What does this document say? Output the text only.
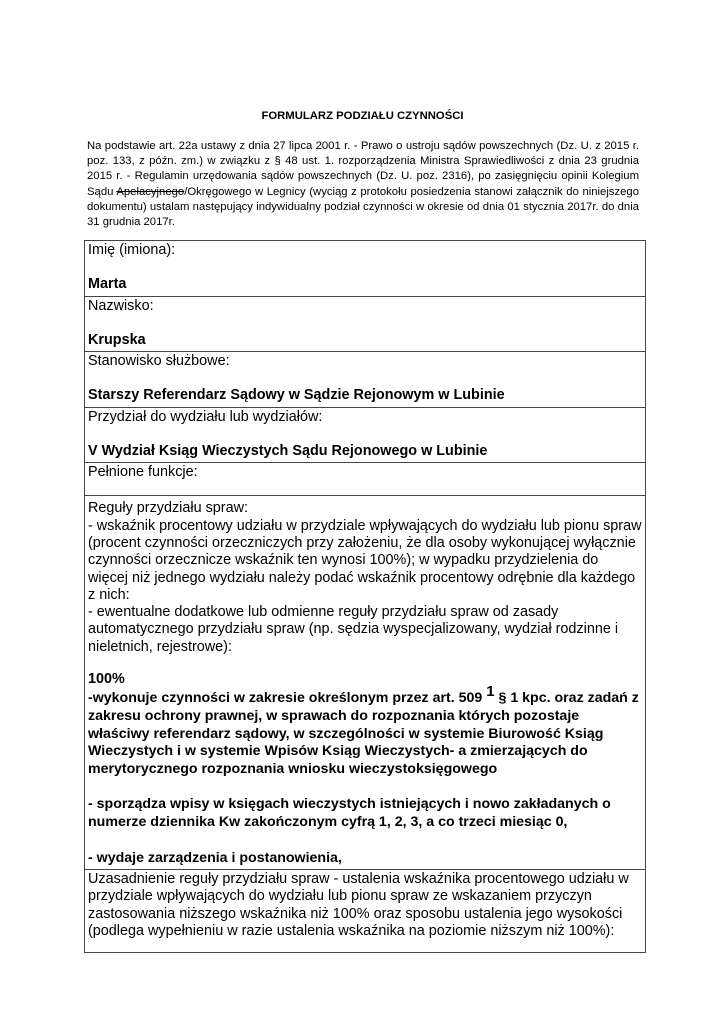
FORMULARZ PODZIAŁU CZYNNOŚCI
Na podstawie art. 22a ustawy z dnia 27 lipca 2001 r. - Prawo o ustroju sądów powszechnych (Dz. U. z 2015 r. poz. 133, z późn. zm.) w związku z § 48 ust. 1. rozporządzenia Ministra Sprawiedliwości z dnia 23 grudnia 2015 r. - Regulamin urzędowania sądów powszechnych (Dz. U. poz. 2316), po zasięgnięciu opinii Kolegium Sądu Apelacyjnego/Okręgowego w Legnicy (wyciąg z protokołu posiedzenia stanowi załącznik do niniejszego dokumentu) ustalam następujący indywidualny podział czynności w okresie od dnia 01 stycznia 2017r. do dnia 31 grudnia 2017r.
Imię (imiona):
Marta
Nazwisko:
Krupska
Stanowisko służbowe:
Starszy Referendarz Sądowy w Sądzie Rejonowym w Lubinie
Przydział do wydziału lub wydziałów:
V Wydział Ksiąg Wieczystych Sądu Rejonowego w Lubinie
Pełnione funkcje:
Reguły przydziału spraw:
- wskaźnik procentowy udziału w przydziale wpływających do wydziału lub pionu spraw (procent czynności orzeczniczych przy założeniu, że dla osoby wykonującej wyłącznie czynności orzecznicze wskaźnik ten wynosi 100%); w wypadku przydzielenia do więcej niż jednego wydziału należy podać wskaźnik procentowy odrębnie dla każdego z nich:
- ewentualne dodatkowe lub odmienne reguły przydziału spraw od zasady automatycznego przydziału spraw (np. sędzia wyspecjalizowany, wydział rodzinne i nieletnich, rejestrowe):
100%
-wykonuje czynności w zakresie określonym przez art. 509 $^1$ § 1 kpc. oraz zadań z zakresu ochrony prawnej, w sprawach do rozpoznania których pozostaje właściwy referendarz sądowy, w szczególności w systemie Biurowość Ksiąg Wieczystych i w systemie Wpisów Ksiąg Wieczystych- a zmierzających do merytorycznego rozpoznania wniosku wieczystoksięgowego
- sporządza wpisy w księgach wieczystych istniejących i nowo zakładanych o numerze dziennika Kw zakończonym cyfrą 1, 2, 3, a co trzeci miesiąc 0,
- wydaje zarządzenia i postanowienia,
Uzasadnienie reguły przydziału spraw - ustalenia wskaźnika procentowego udziału w przydziale wpływających do wydziału lub pionu spraw ze wskazaniem przyczyn zastosowania niższego wskaźnika niż 100% oraz sposobu ustalenia jego wysokości (podlega wypełnieniu w razie ustalenia wskaźnika na poziomie niższym niż 100%):
